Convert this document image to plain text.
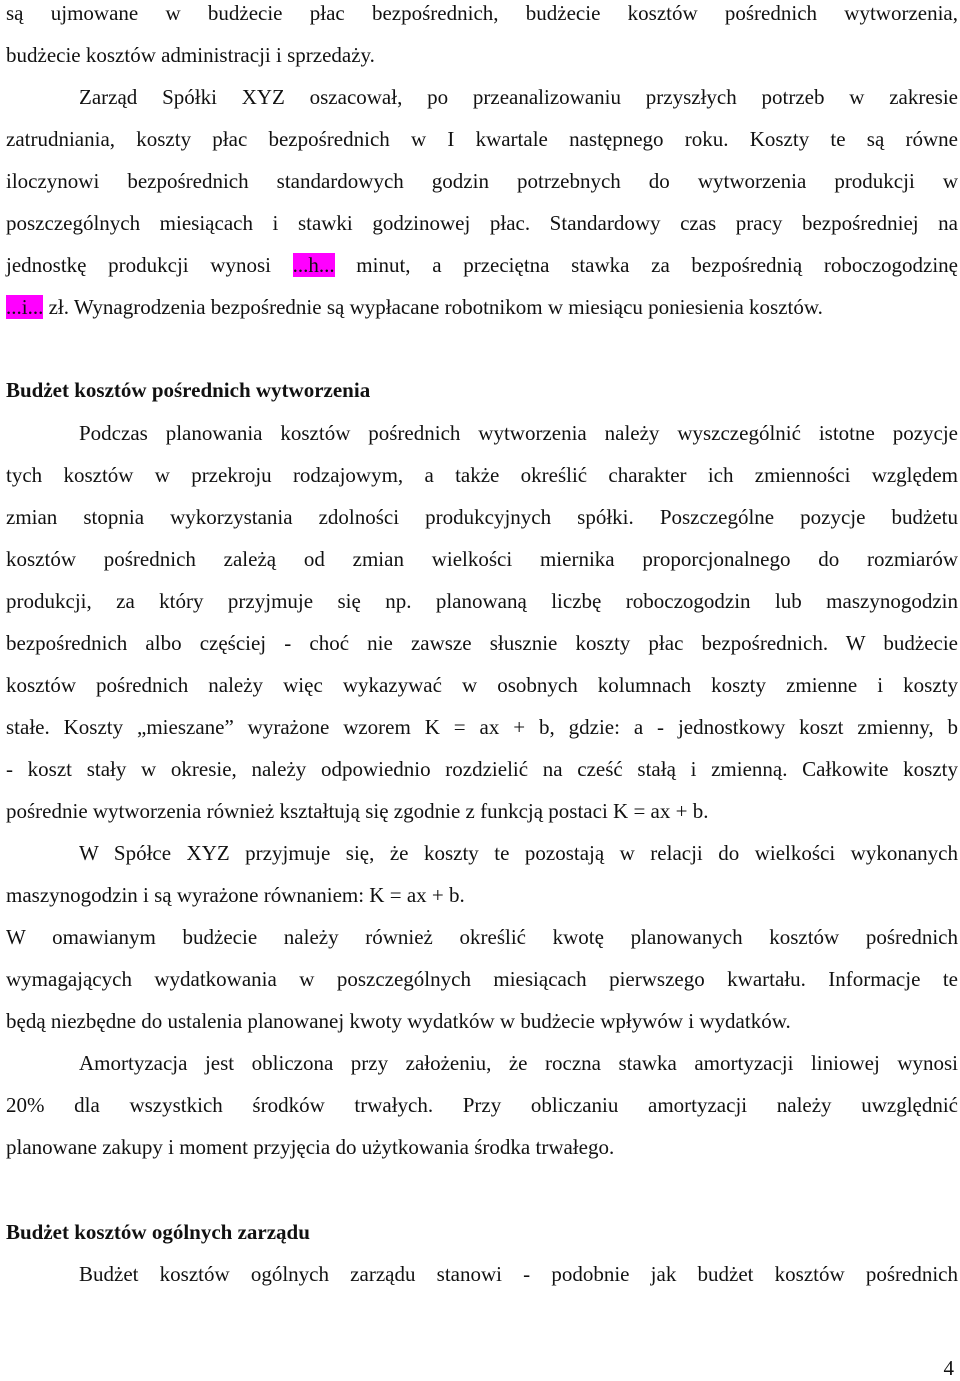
są ujmowane w budżecie płac bezpośrednich, budżecie kosztów pośrednich wytworzenia,
budżecie kosztów administracji i sprzedaży.
Zarząd Spółki XYZ oszacował, po przeanalizowaniu przyszłych potrzeb w zakresie
zatrudniania, koszty płac bezpośrednich w I kwartale następnego roku. Koszty te są równe
iloczynowi bezpośrednich standardowych godzin potrzebnych do wytworzenia produkcji w
poszczególnych miesiącach i stawki godzinowej płac. Standardowy czas pracy bezpośredniej na
jednostkę produkcji wynosi ...h... minut, a przeciętna stawka za bezpośrednią roboczogodzinę
...i... zł. Wynagrodzenia bezpośrednie są wypłacane robotnikom w miesiącu poniesienia kosztów.
Budżet kosztów pośrednich wytworzenia
Podczas planowania kosztów pośrednich wytworzenia należy wyszczególnić istotne pozycje
tych kosztów w przekroju rodzajowym, a także określić charakter ich zmienności względem
zmian stopnia wykorzystania zdolności produkcyjnych spółki. Poszczególne pozycje budżetu
kosztów pośrednich zależą od zmian wielkości miernika proporcjonalnego do rozmiarów
produkcji, za który przyjmuje się np. planowaną liczbę roboczogodzin lub maszynogodzin
bezpośrednich albo częściej - choć nie zawsze słusznie koszty płac bezpośrednich. W budżecie
kosztów pośrednich należy więc wykazywać w osobnych kolumnach koszty zmienne i koszty
stałe. Koszty „mieszane” wyrażone wzorem K = ax + b, gdzie: a - jednostkowy koszt zmienny, b
- koszt stały w okresie, należy odpowiednio rozdzielić na cześć stałą i zmienną. Całkowite koszty
pośrednie wytworzenia również kształtują się zgodnie z funkcją postaci K = ax + b.
W Spółce XYZ przyjmuje się, że koszty te pozostają w relacji do wielkości wykonanych
maszynogodzin i są wyrażone równaniem: K = ax + b.
W omawianym budżecie należy również określić kwotę planowanych kosztów pośrednich
wymagających wydatkowania w poszczególnych miesiącach pierwszego kwartału. Informacje te
będą niezbędne do ustalenia planowanej kwoty wydatków w budżecie wpływów i wydatków.
Amortyzacja jest obliczona przy założeniu, że roczna stawka amortyzacji liniowej wynosi
20% dla wszystkich środków trwałych. Przy obliczaniu amortyzacji należy uwzględnić
planowane zakupy i moment przyjęcia do użytkowania środka trwałego.
Budżet kosztów ogólnych zarządu
Budżet kosztów ogólnych zarządu stanowi - podobnie jak budżet kosztów pośrednich
4
